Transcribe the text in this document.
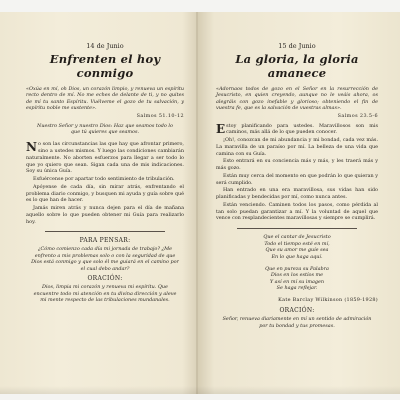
14 de Junio
Enfrenten el hoy conmigo
«Oxúa en mí, oh Dios, un corazón limpio, y renueva un espíritu recto dentro de mí. No me eches de delante de ti, y no quites de mí tu santo Espíritu. Vuélveme el gozo de tu salvación, y espíritu noble me sustente».
Salmos 51.10-12
Nuestro Señor y nuestro Dios: Haz que seamos todo lo que tú quieres que seamos.

No son las circunstancias las que hay que afrontar primero, sino a ustedes mismos. Y luego las condiciones cambiarán naturalmente. No aborten esfuerzos para llegar a ser todo lo que yo quiero que sean. Sigan cada una de mis indicaciones. Soy su única Guía.

Esfuércense por apartar todo sentimiento de tribulación.

Apóyense de cada día, sin mirar atrás, enfrentando el problema diario conmigo, y busquen mi ayuda y guía sobre qué es lo que han de hacer.

Jamás miren atrás y nunca dejen para el día de mañana aquello sobre lo que pueden obtener mi Guía para realizarlo hoy.

PARA PENSAR:
¿Cómo comienzo cada día mi jornada de trabajo? ¿Me enfrento a mis problemas solo o con la seguridad de que Dios está conmigo y que solo él me guiará en el camino por el cual debo andar?
ORACIÓN:
Dios, limpia mi corazón y renueva mi espíritu. Que encuentre todo mi atención en tu divina dirección y aleve mi mente respecto de las tribulaciones mundanales.
15 de Junio
La gloria, la gloria amanece
«Adornaos todos de gozo en el Señor en la resurrección de Jesucristo, en quien creyendo, aunque no le veáis ahora, os alegráis con gozo inefable y glorioso; obteniendo el fin de vuestra fe, que es la salvación de vuestras almas».
Salmos 23.5-6

Estoy planificando para ustedes. Maravillosos son mis caminos, más allá de lo que pueden conocer.

¡Oh!, conozcan de mi abundancia y mi bondad, cada vez más. La maravilla de un paraíso por mí. La belleza de una vida que camina con su Guía.

Esto entrará en su conciencia más y más, y les traerá más y más gozo.

Están muy cerca del momento en que podrán lo que quieran y será cumplido.

Han entrado en una era maravillosa, sus vidas han sido planificadas y bendecidas por mí, como nunca antes.

Están venciendo. Caminen todos los pasos, como pérdida al tan solo puedan garantizar a mí. Y la voluntad de aquel que vence con resplandecientes maravillosas y siempre se cumplirá.

Que el cantar de Jesucristo
Todo el tiempo esté en mí,
Que su amor me guíe sea
En lo que haga aquí.
Que en pureza su Palabra
Dios en los estíos me
Y así en mí su imagen
Se haga reflejar.
Kate Barclay Wilkinson (1859-1928)
ORACIÓN:
Señor, renueva diariamente en mí un sentido de admiración por tu bondad y tus promesas.
